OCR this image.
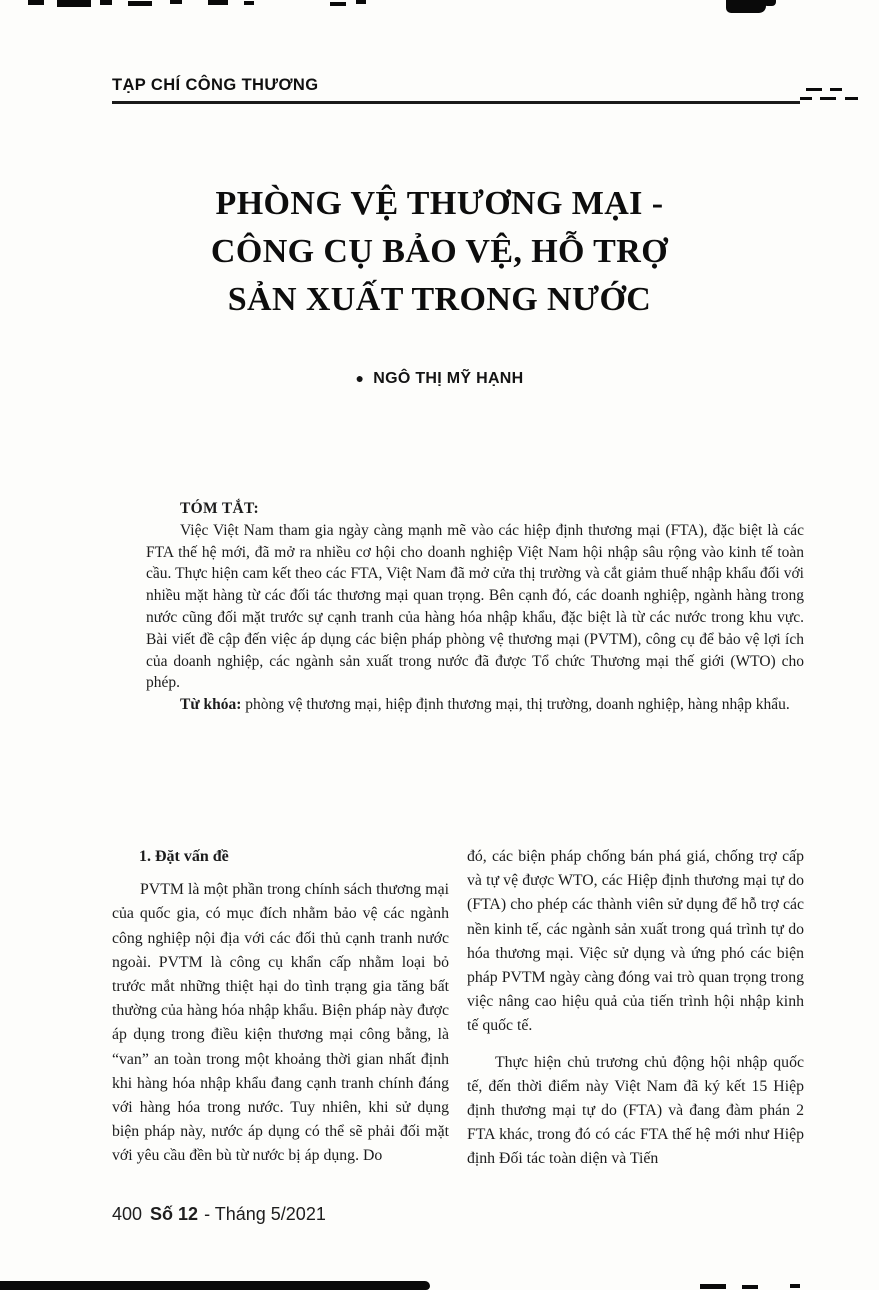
TẠP CHÍ CÔNG THƯƠNG
PHÒNG VỆ THƯƠNG MẠI -
CÔNG CỤ BẢO VỆ, HỖ TRỢ
SẢN XUẤT TRONG NƯỚC
● NGÔ THỊ MỸ HẠNH
TÓM TẮT:

Việc Việt Nam tham gia ngày càng mạnh mẽ vào các hiệp định thương mại (FTA), đặc biệt là các FTA thế hệ mới, đã mở ra nhiều cơ hội cho doanh nghiệp Việt Nam hội nhập sâu rộng vào kinh tế toàn cầu. Thực hiện cam kết theo các FTA, Việt Nam đã mở cửa thị trường và cắt giảm thuế nhập khẩu đối với nhiều mặt hàng từ các đối tác thương mại quan trọng. Bên cạnh đó, các doanh nghiệp, ngành hàng trong nước cũng đối mặt trước sự cạnh tranh của hàng hóa nhập khẩu, đặc biệt là từ các nước trong khu vực. Bài viết đề cập đến việc áp dụng các biện pháp phòng vệ thương mại (PVTM), công cụ để bảo vệ lợi ích của doanh nghiệp, các ngành sản xuất trong nước đã được Tổ chức Thương mại thế giới (WTO) cho phép.

Từ khóa: phòng vệ thương mại, hiệp định thương mại, thị trường, doanh nghiệp, hàng nhập khẩu.

1. Đặt vấn đề

PVTM là một phần trong chính sách thương mại của quốc gia, có mục đích nhằm bảo vệ các ngành công nghiệp nội địa với các đối thủ cạnh tranh nước ngoài. PVTM là công cụ khẩn cấp nhằm loại bỏ trước mắt những thiệt hại do tình trạng gia tăng bất thường của hàng hóa nhập khẩu. Biện pháp này được áp dụng trong điều kiện thương mại công bằng, là “van” an toàn trong một khoảng thời gian nhất định khi hàng hóa nhập khẩu đang cạnh tranh chính đáng với hàng hóa trong nước. Tuy nhiên, khi sử dụng biện pháp này, nước áp dụng có thể sẽ phải đối mặt với yêu cầu đền bù từ nước bị áp dụng. Do

đó, các biện pháp chống bán phá giá, chống trợ cấp và tự vệ được WTO, các Hiệp định thương mại tự do (FTA) cho phép các thành viên sử dụng để hỗ trợ các nền kinh tế, các ngành sản xuất trong quá trình tự do hóa thương mại. Việc sử dụng và ứng phó các biện pháp PVTM ngày càng đóng vai trò quan trọng trong việc nâng cao hiệu quả của tiến trình hội nhập kinh tế quốc tế.

Thực hiện chủ trương chủ động hội nhập quốc tế, đến thời điểm này Việt Nam đã ký kết 15 Hiệp định thương mại tự do (FTA) và đang đàm phán 2 FTA khác, trong đó có các FTA thế hệ mới như Hiệp định Đối tác toàn diện và Tiến

400 Số 12 - Tháng 5/2021
